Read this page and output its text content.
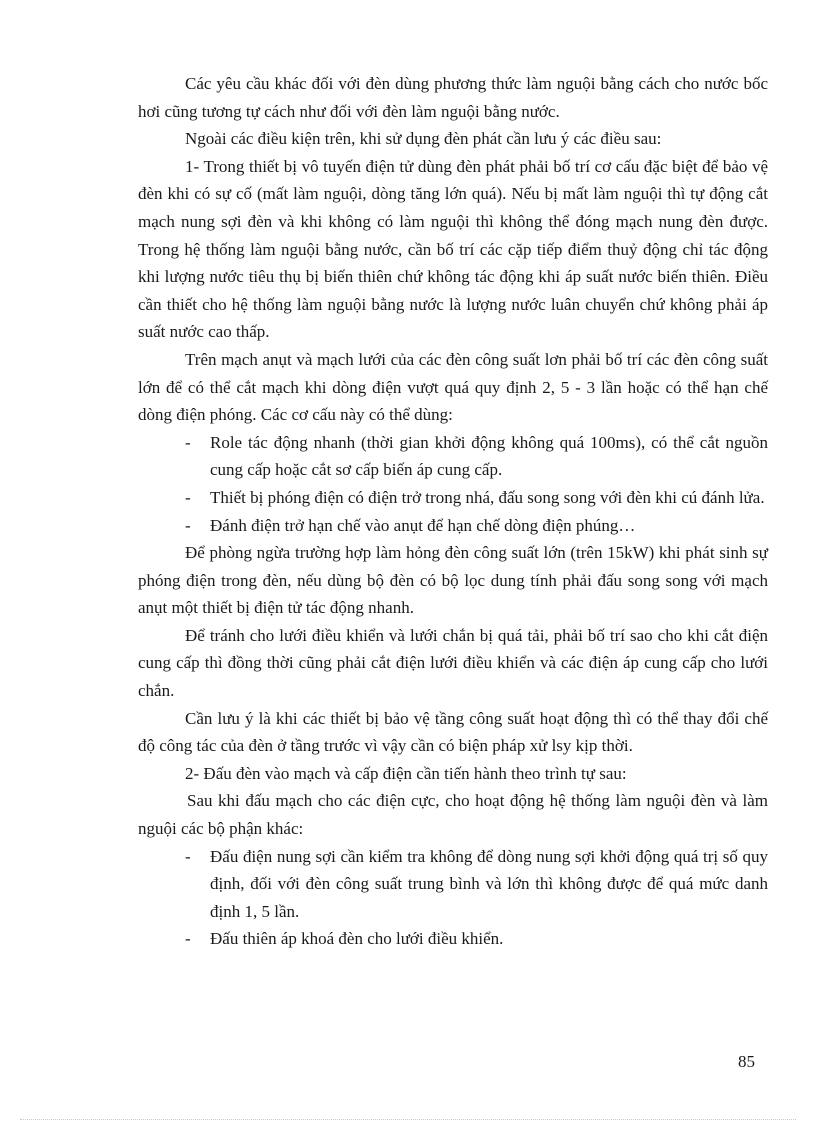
Các yêu cầu khác đối với đèn dùng phương thức làm nguội bằng cách cho nước bốc hơi cũng tương tự cách như đối với đèn làm nguội bằng nước.

Ngoài các điều kiện trên, khi sử dụng đèn phát cần lưu ý các điều sau:

1- Trong thiết bị vô tuyến điện tử dùng đèn phát phải bố trí cơ cấu đặc biệt để bảo vệ đèn khi có sự cố (mất làm nguội, dòng tăng lớn quá). Nếu bị mất làm nguội thì tự động cắt mạch nung sợi đèn và khi không có làm nguội thì không thể đóng mạch nung đèn được. Trong hệ thống làm nguội bằng nước, cần bố trí các cặp tiếp điểm thuỷ động chỉ tác động khi lượng nước tiêu thụ bị biến thiên chứ không tác động khi áp suất nước biến thiên. Điều cần thiết cho hệ thống làm nguội bằng nước là lượng nước luân chuyển chứ không phải áp suất nước cao thấp.

Trên mạch anụt và mạch lưới của các đèn công suất lơn phải bố trí các đèn công suất lớn để có thể cắt mạch khi dòng điện vượt quá quy định 2, 5 - 3 lần hoặc có thể hạn chế dòng điện phóng. Các cơ cấu này có thể dùng:

- Role tác động nhanh (thời gian khởi động không quá 100ms), có thể cắt nguồn cung cấp hoặc cắt sơ cấp biến áp cung cấp.
- Thiết bị phóng điện có điện trở trong nhá, đấu song song với đèn khi cú đánh lửa.
- Đánh điện trở hạn chế vào anụt để hạn chế dòng điện phúng…

Để phòng ngừa trường hợp làm hỏng đèn công suất lớn (trên 15kW) khi phát sinh sự phóng điện trong đèn, nếu dùng bộ đèn có bộ lọc dung tính phải đấu song song với mạch anụt một thiết bị điện tử tác động nhanh.

Để tránh cho lưới điều khiển và lưới chắn bị quá tải, phải bố trí sao cho khi cắt điện cung cấp thì đồng thời cũng phải cắt điện lưới điều khiển và các điện áp cung cấp cho lưới chắn.

Cần lưu ý là khi các thiết bị bảo vệ tầng công suất hoạt động thì có thể thay đổi chế độ công tác của đèn ở tầng trước vì vậy cần có biện pháp xử lsy kịp thời.

2- Đấu đèn vào mạch và cấp điện cần tiến hành theo trình tự sau:

Sau khi đấu mạch cho các điện cực, cho hoạt động hệ thống làm nguội đèn và làm nguội các bộ phận khác:

- Đấu điện nung sợi cần kiểm tra không để dòng nung sợi khởi động quá trị số quy định, đối với đèn công suất trung bình và lớn thì không được để quá mức danh định 1, 5 lần.
- Đấu thiên áp khoá đèn cho lưới điều khiển.
85
